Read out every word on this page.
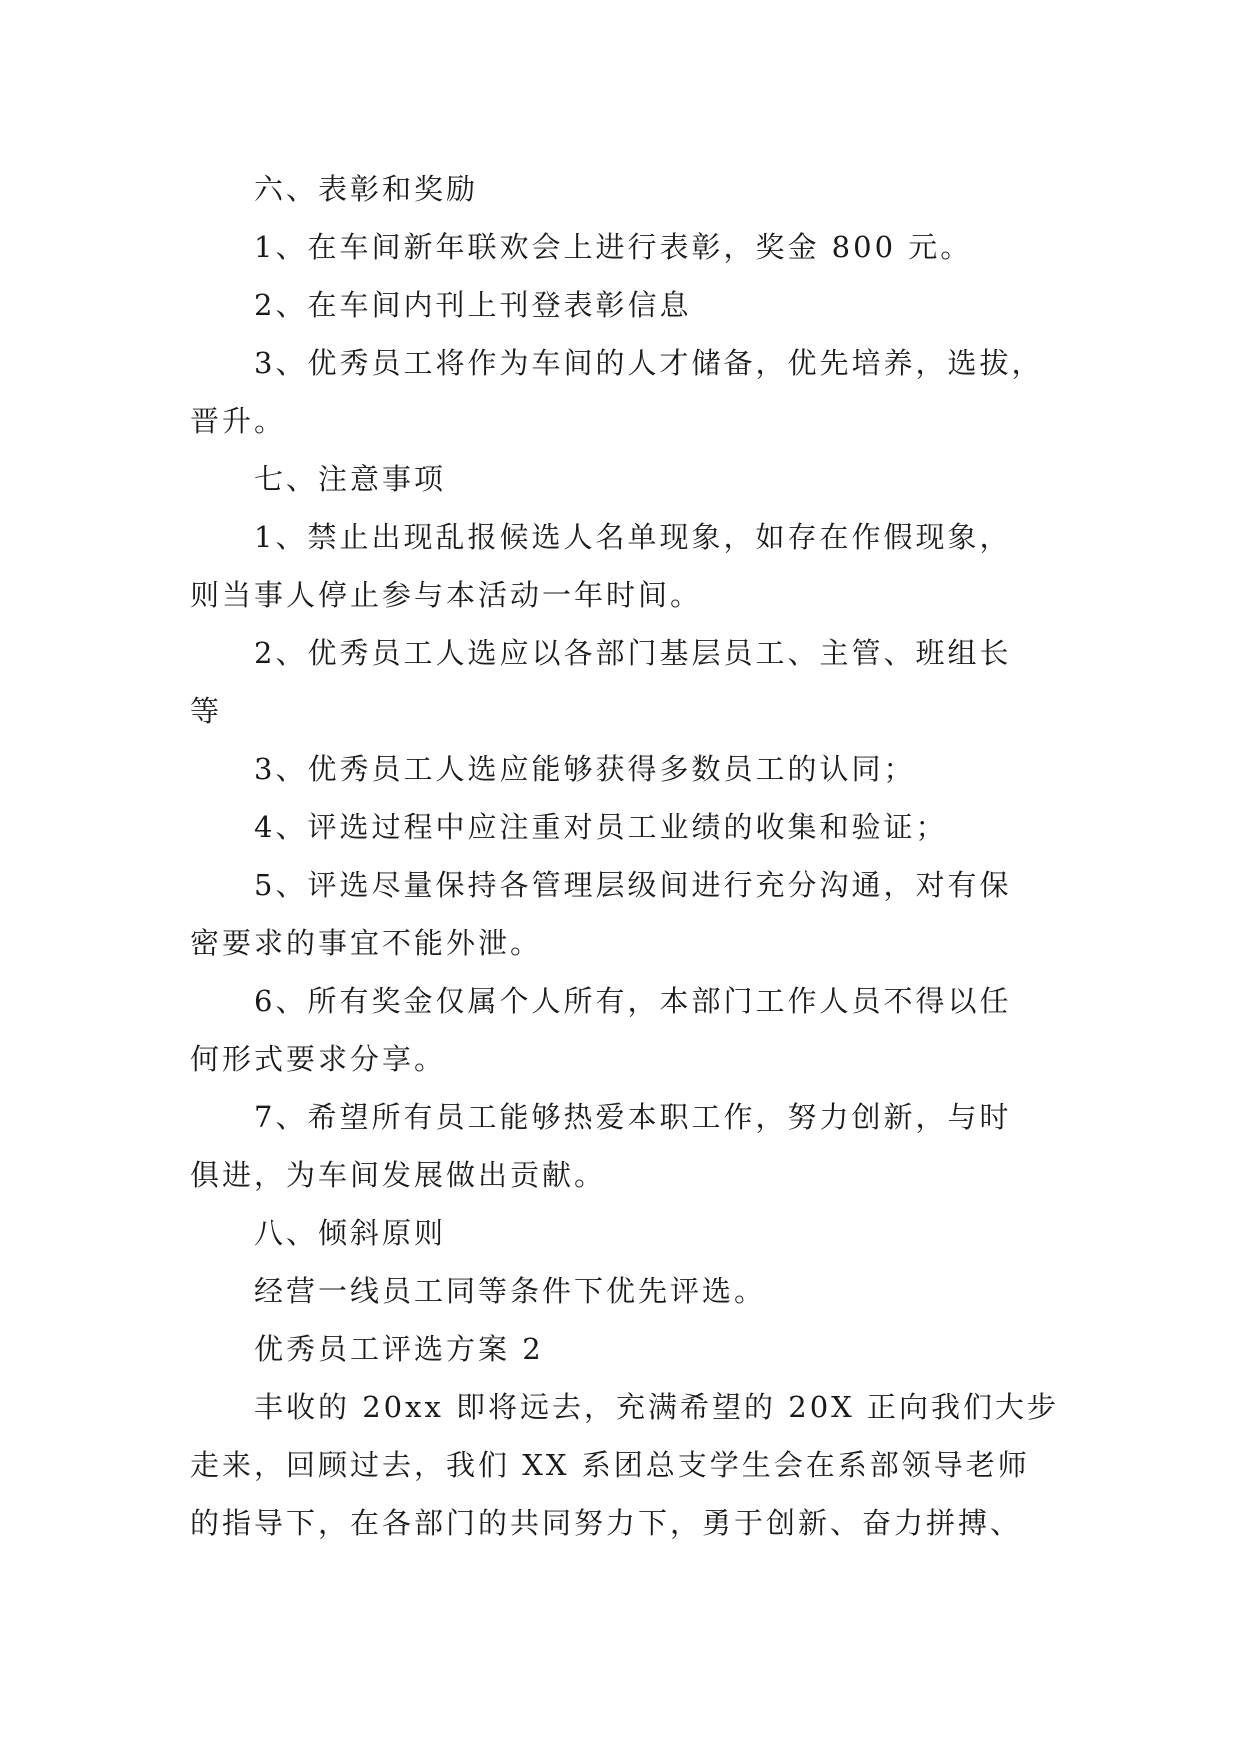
六、表彰和奖励
1、在车间新年联欢会上进行表彰，奖金 800 元。
2、在车间内刊上刊登表彰信息
3、优秀员工将作为车间的人才储备，优先培养，选拔，
晋升。
七、注意事项
1、禁止出现乱报候选人名单现象，如存在作假现象，
则当事人停止参与本活动一年时间。
2、优秀员工人选应以各部门基层员工、主管、班组长
等
3、优秀员工人选应能够获得多数员工的认同；
4、评选过程中应注重对员工业绩的收集和验证；
5、评选尽量保持各管理层级间进行充分沟通，对有保
密要求的事宜不能外泄。
6、所有奖金仅属个人所有，本部门工作人员不得以任
何形式要求分享。
7、希望所有员工能够热爱本职工作，努力创新，与时
俱进，为车间发展做出贡献。
八、倾斜原则
经营一线员工同等条件下优先评选。
优秀员工评选方案 2
丰收的 20xx 即将远去，充满希望的 20X 正向我们大步
走来，回顾过去，我们 XX 系团总支学生会在系部领导老师
的指导下，在各部门的共同努力下，勇于创新、奋力拼搏、
